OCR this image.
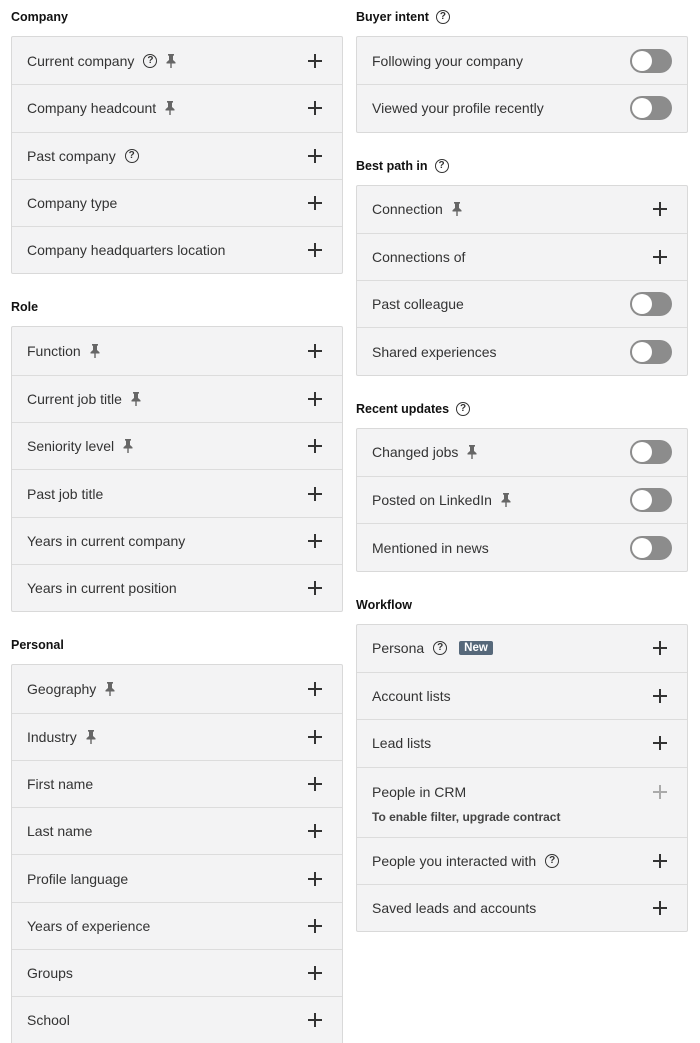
Company
Current company	?
Company headcount
Past company	?
Company type
Company headquarters location
Role
Function
Current job title
Seniority level
Past job title
Years in current company
Years in current position
Personal
Geography
Industry
First name
Last name
Profile language
Years of experience
Groups
School
Buyer intent	?
Following your company
Viewed your profile recently
Best path in	?
Connection
Connections of
Past colleague
Shared experiences
Recent updates	?
Changed jobs
Posted on LinkedIn
Mentioned in news
Workflow
Persona	?	New
Account lists
Lead lists
People in CRM
To enable filter, upgrade contract
People you interacted with	?
Saved leads and accounts
